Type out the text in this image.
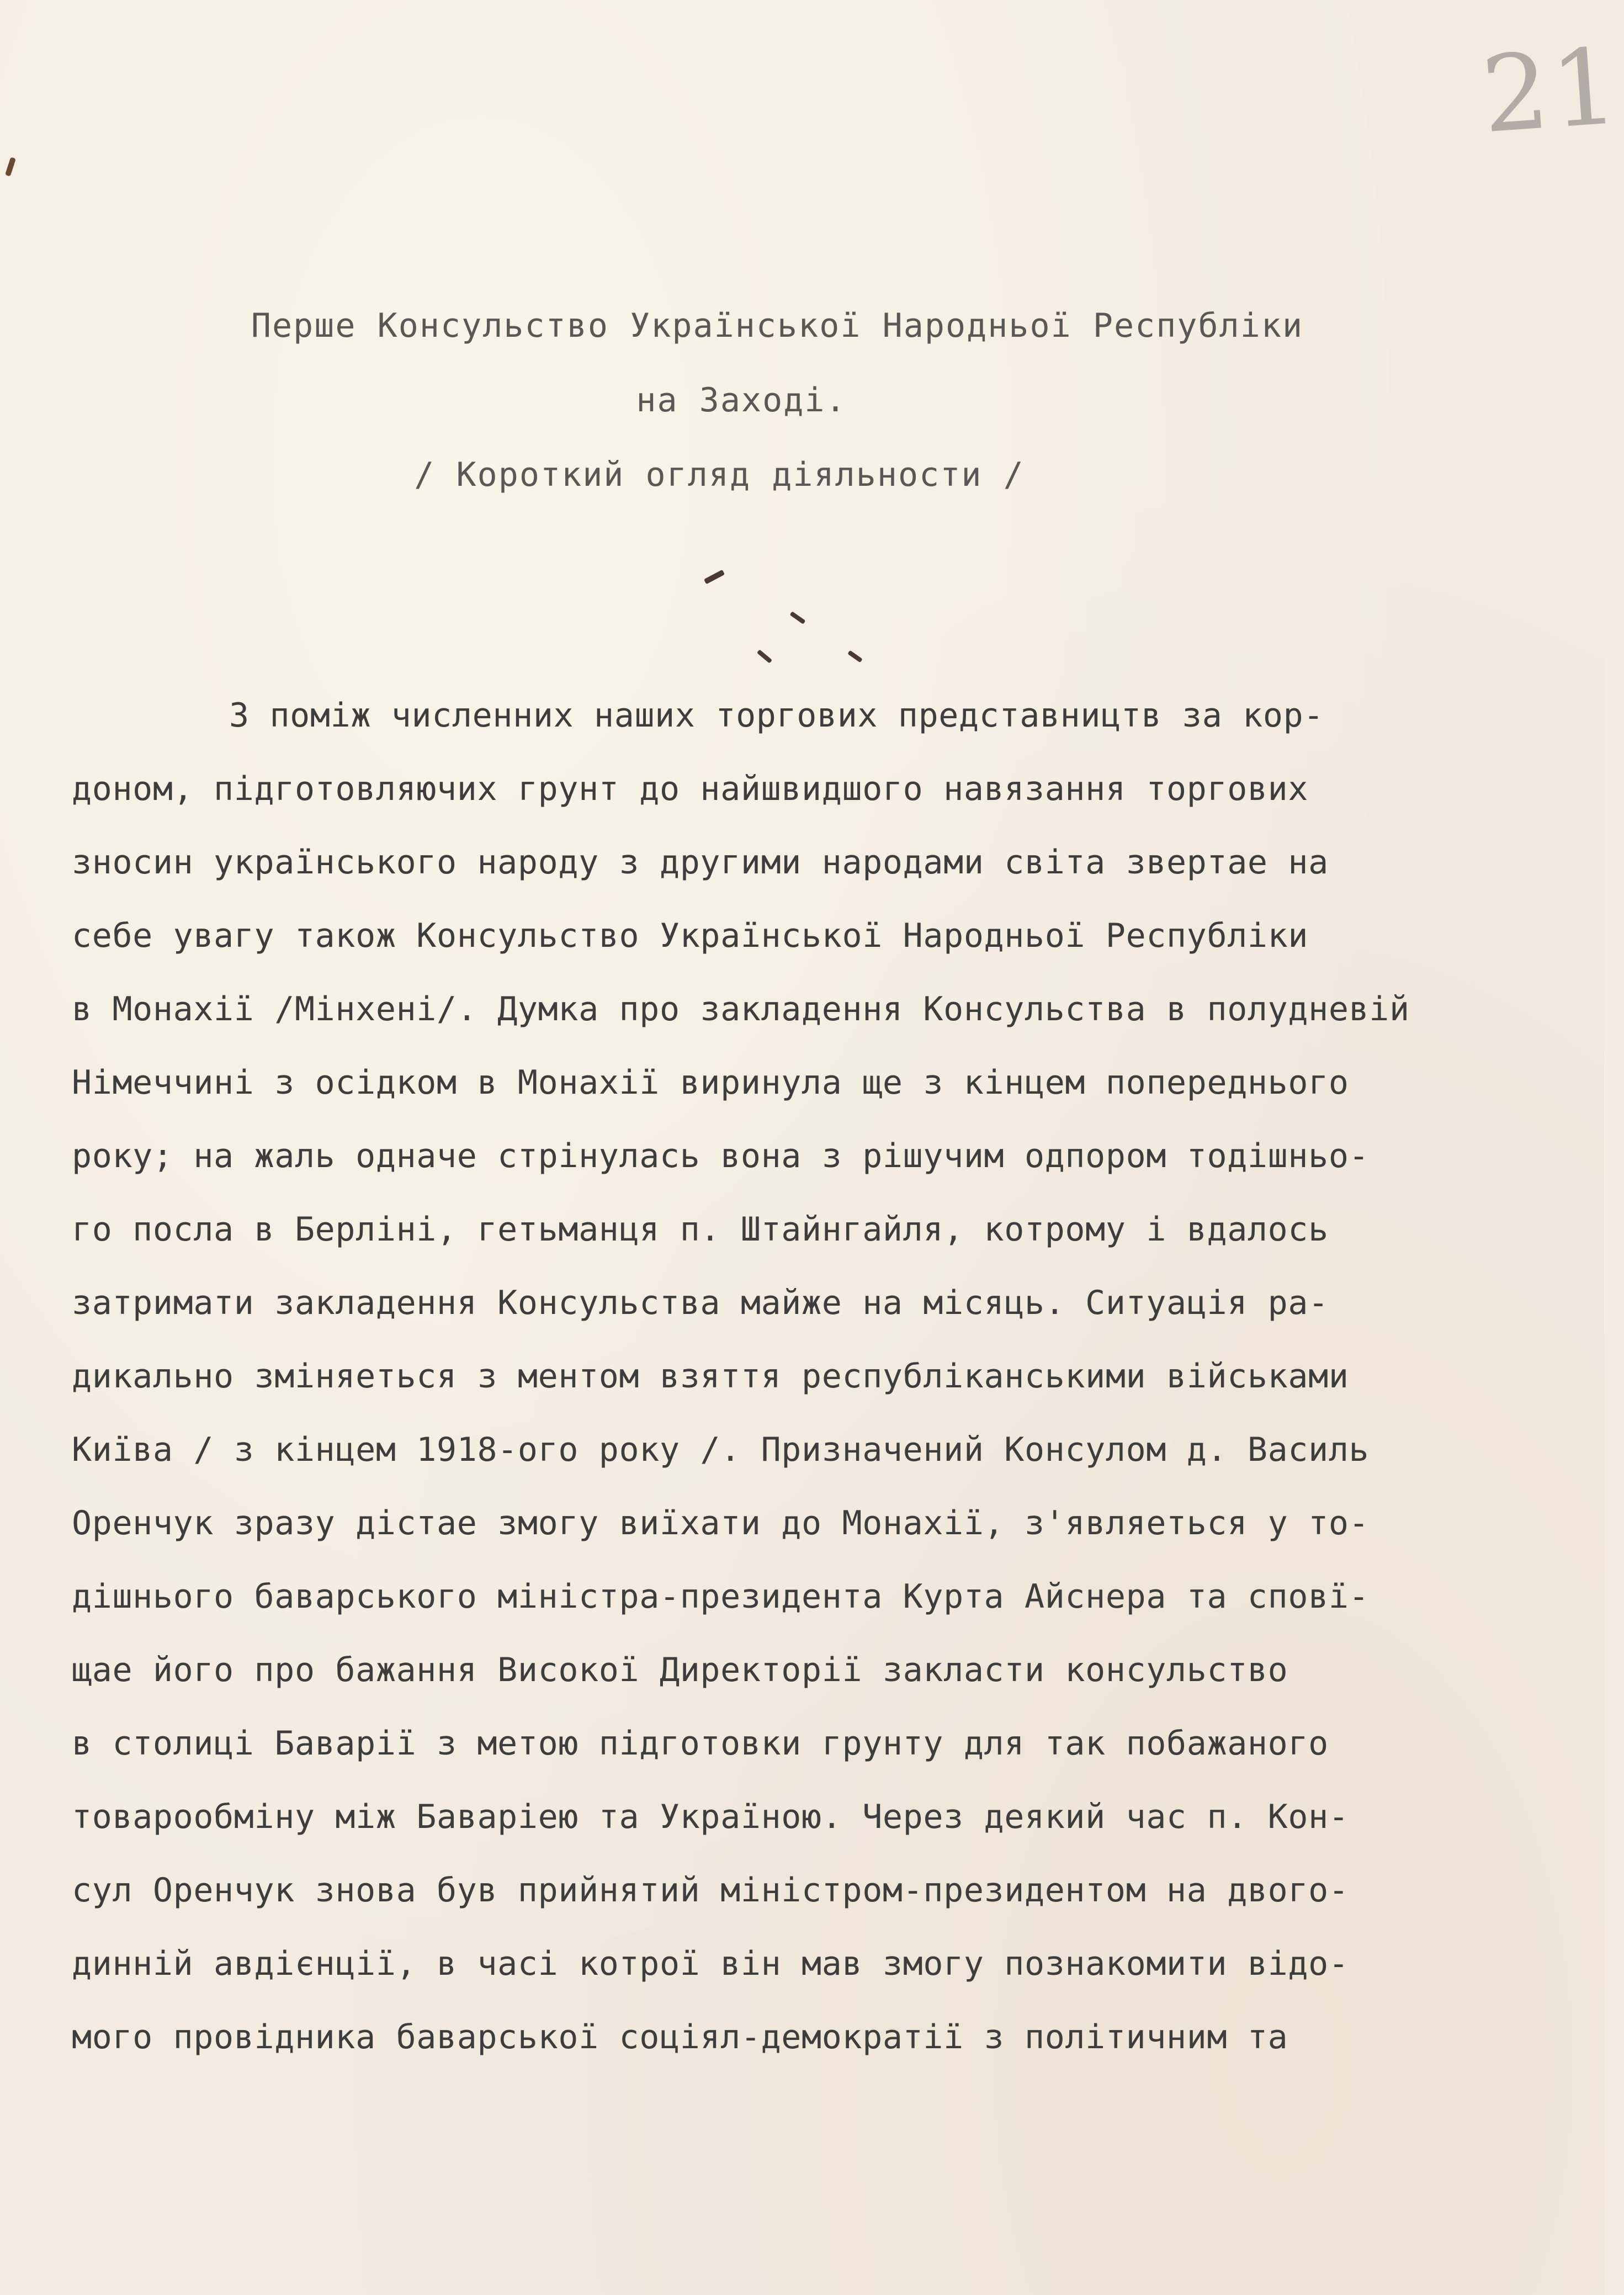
21
Перше Консульство Української Народньої Республіки
на Заході.
/ Короткий огляд діяльности /
З поміж численних наших торгових представництв за кор-
доном, підготовляючих грунт до найшвидшого навязання торгових
зносин українського народу з другими народами світа звертае на
себе увагу також Консульство Української Народньої Республіки
в Монахії /Мінхені/. Думка про закладення Консульства в полудневій
Німеччині з осідком в Монахії виринула ще з кінцем попереднього
року; на жаль одначе стрінулась вона з рішучим одпором тодішньо-
го посла в Берліні, гетьманця п. Штайнгайля, котрому і вдалось
затримати закладення Консульства майже на місяць. Ситуація ра-
дикально зміняеться з ментом взяття республіканськими військами
Київа / з кінцем 1918-ого року /. Призначений Консулом д. Василь
Оренчук зразу дістае змогу виїхати до Монахії, з'являеться у то-
дішнього баварського міністра-президента Курта Айснера та сповї-
щае його про бажання Високої Директорії закласти консульство
в столиці Баварії з метою підготовки грунту для так побажаного
товарообміну між Баваріею та Україною. Через деякий час п. Кон-
сул Оренчук знова був прийнятий міністром-президентом на двого-
динній авдієнції, в часі котрої він мав змогу познакомити відо-
мого провідника баварської соціял-демократії з політичним та
